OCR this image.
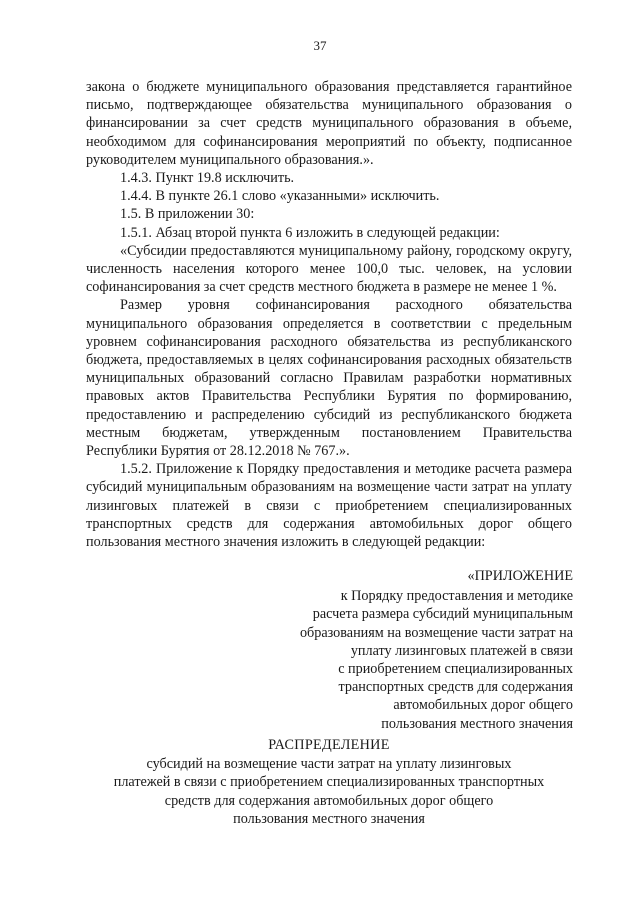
37

закона о бюджете муниципального образования представляется гарантийное письмо, подтверждающее обязательства муниципального образования о финансировании за счет средств муниципального образования в объеме, необходимом для софинансирования мероприятий по объекту, подписанное руководителем муниципального образования.».

1.4.3. Пункт 19.8 исключить.

1.4.4. В пункте 26.1 слово «указанными» исключить.

1.5. В приложении 30:

1.5.1. Абзац второй пункта 6 изложить в следующей редакции:

«Субсидии предоставляются муниципальному району, городскому округу, численность населения которого менее 100,0 тыс. человек, на условии софинансирования за счет средств местного бюджета в размере не менее 1 %.

Размер уровня софинансирования расходного обязательства муниципального образования определяется в соответствии с предельным уровнем софинансирования расходного обязательства из республиканского бюджета, предоставляемых в целях софинансирования расходных обязательств муниципальных образований согласно Правилам разработки нормативных правовых актов Правительства Республики Бурятия по формированию, предоставлению и распределению субсидий из республиканского бюджета местным бюджетам, утвержденным постановлением Правительства Республики Бурятия от 28.12.2018 № 767.».

1.5.2. Приложение к Порядку предоставления и методике расчета размера субсидий муниципальным образованиям на возмещение части затрат на уплату лизинговых платежей в связи с приобретением специализированных транспортных средств для содержания автомобильных дорог общего пользования местного значения изложить в следующей редакции:

«ПРИЛОЖЕНИЕ
к Порядку предоставления и методике
расчета размера субсидий муниципальным
образованиям на возмещение части затрат на
уплату лизинговых платежей в связи
с приобретением специализированных
транспортных средств для содержания
автомобильных дорог общего
пользования местного значения
РАСПРЕДЕЛЕНИЕ
субсидий на возмещение части затрат на уплату лизинговых
платежей в связи с приобретением специализированных транспортных
средств для содержания автомобильных дорог общего
пользования местного значения
